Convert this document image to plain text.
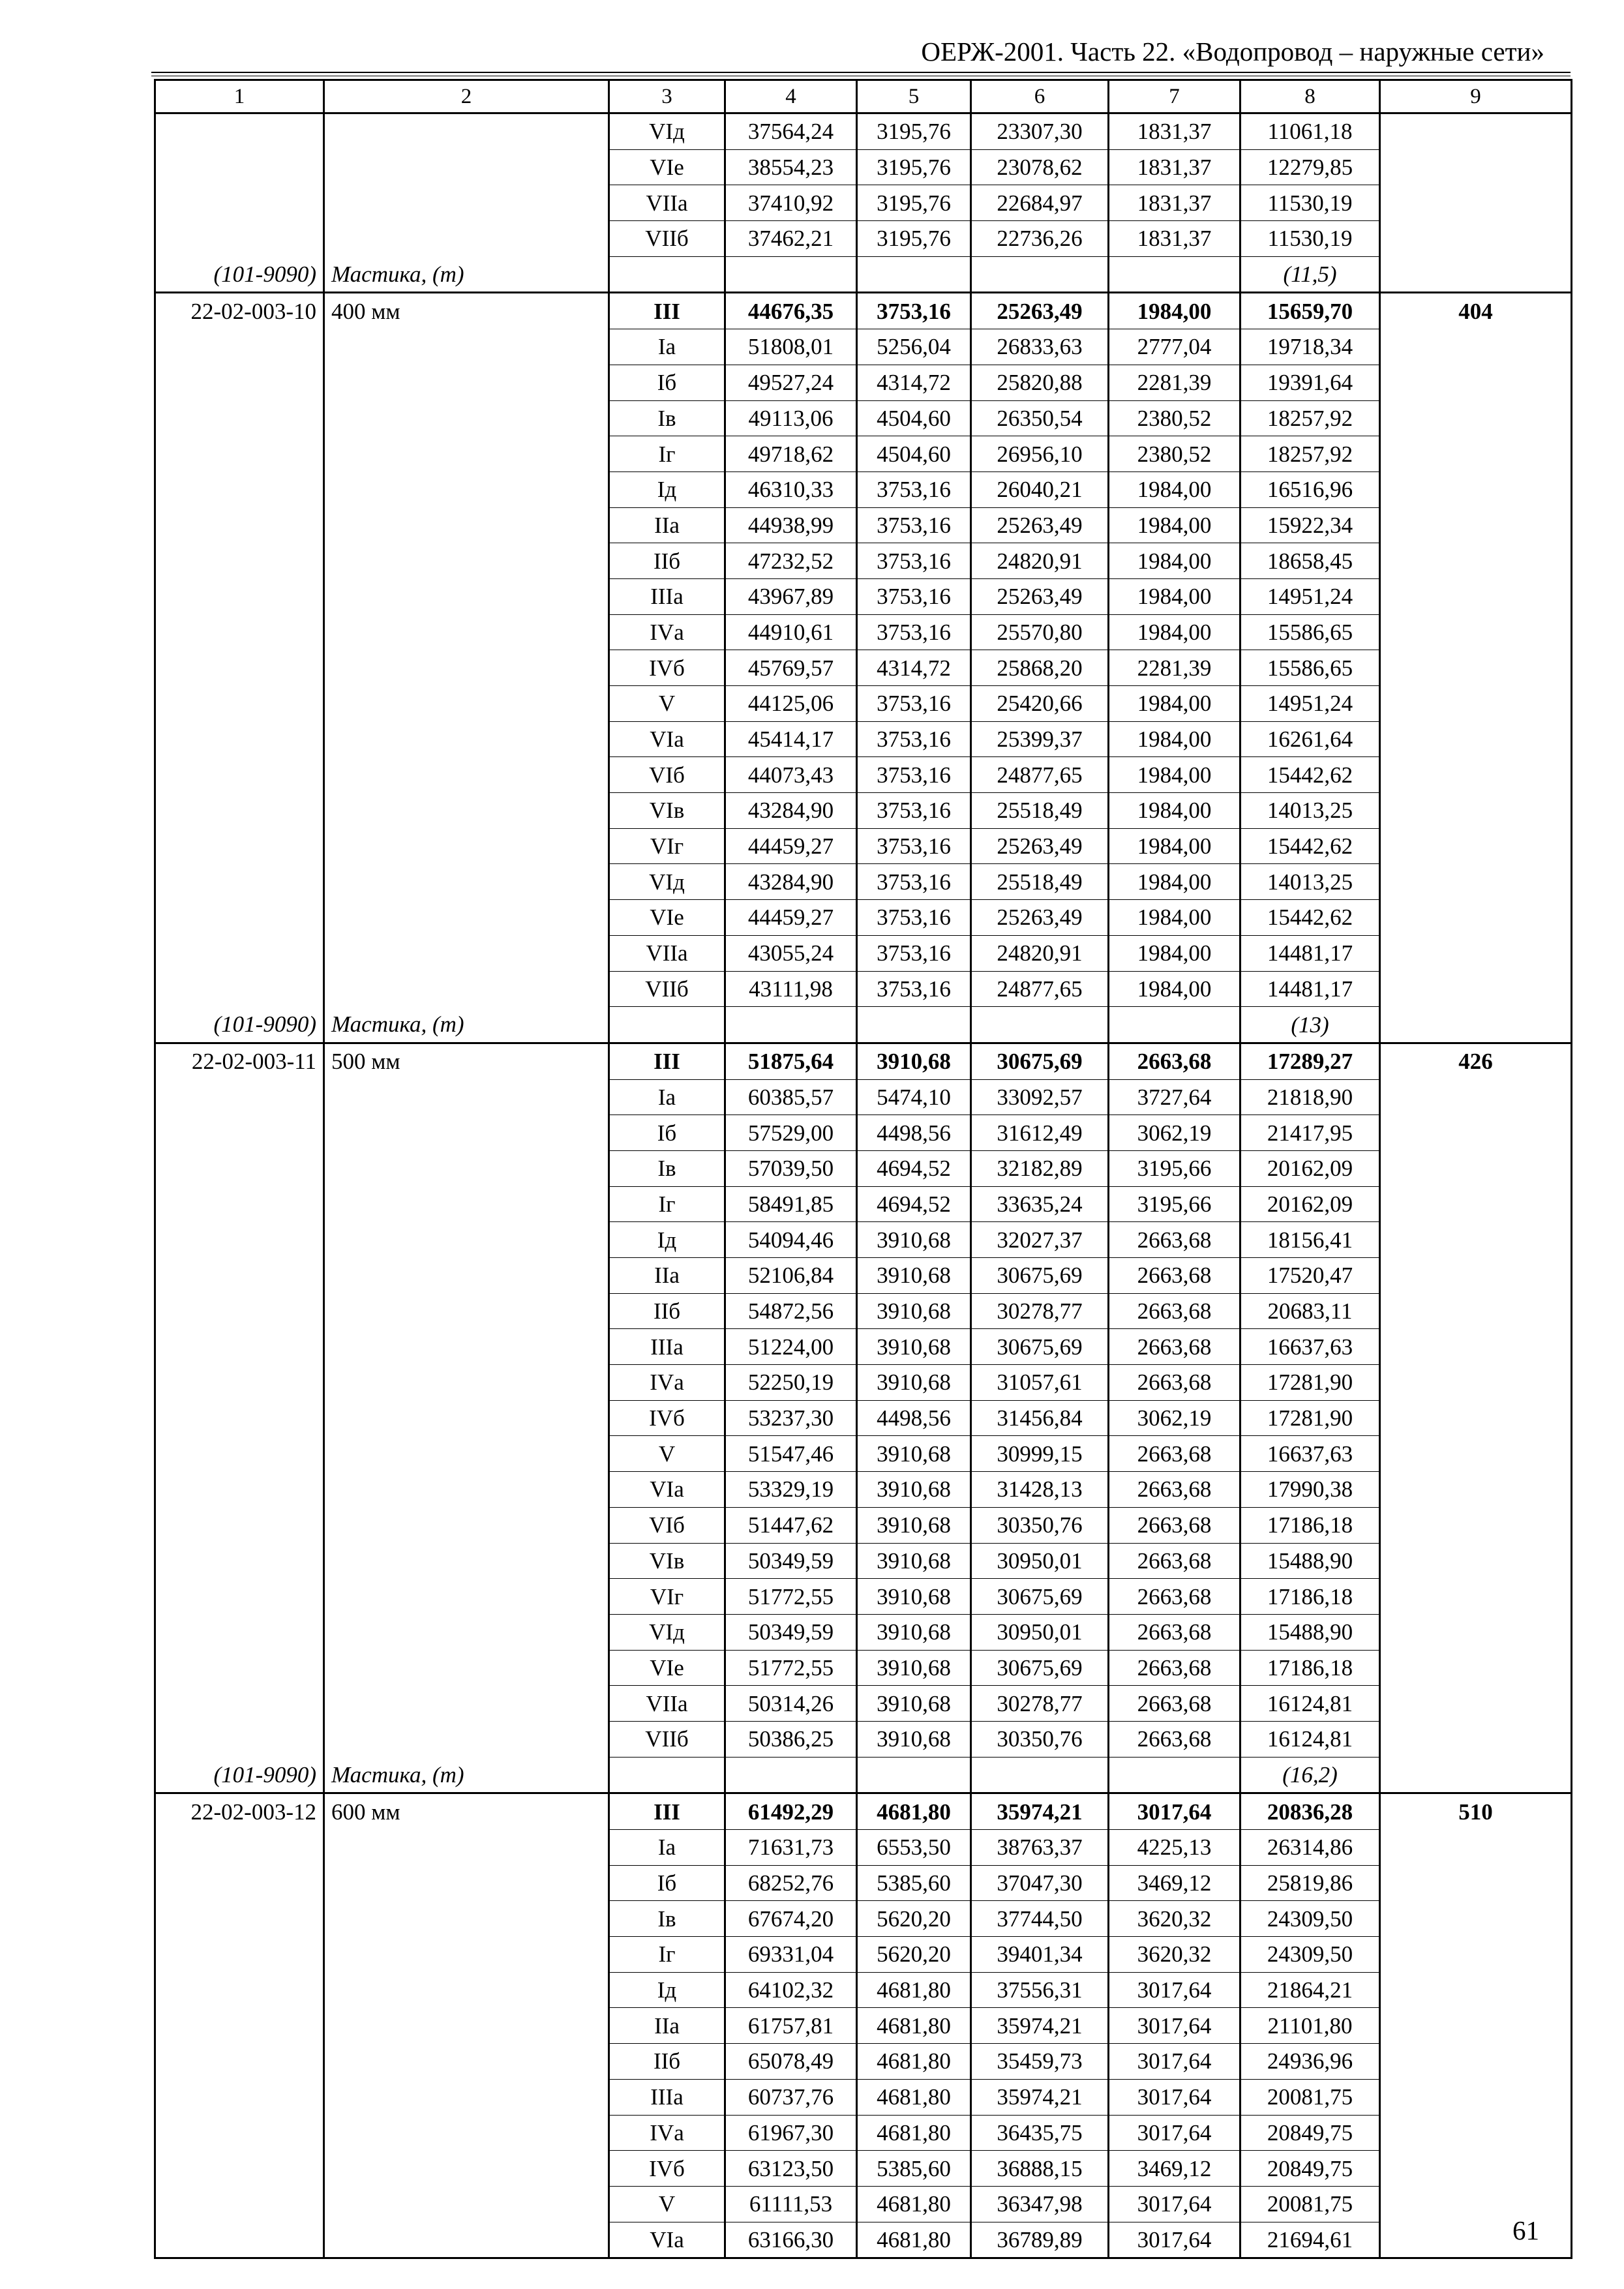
ОЕРЖ-2001. Часть 22. «Водопровод – наружные сети»
1	2	3	4	5	6	7	8	9
		VIд	37564,24	3195,76	23307,30	1831,37	11061,18	
		VIе	38554,23	3195,76	23078,62	1831,37	12279,85	
		VIIа	37410,92	3195,76	22684,97	1831,37	11530,19	
		VIIб	37462,21	3195,76	22736,26	1831,37	11530,19	
(101-9090)	Мастика, (т)						(11,5)	
22-02-003-10	400 мм	III	44676,35	3753,16	25263,49	1984,00	15659,70	404
		Iа	51808,01	5256,04	26833,63	2777,04	19718,34	
		Iб	49527,24	4314,72	25820,88	2281,39	19391,64	
		Iв	49113,06	4504,60	26350,54	2380,52	18257,92	
		Iг	49718,62	4504,60	26956,10	2380,52	18257,92	
		Iд	46310,33	3753,16	26040,21	1984,00	16516,96	
		IIа	44938,99	3753,16	25263,49	1984,00	15922,34	
		IIб	47232,52	3753,16	24820,91	1984,00	18658,45	
		IIIа	43967,89	3753,16	25263,49	1984,00	14951,24	
		IVа	44910,61	3753,16	25570,80	1984,00	15586,65	
		IVб	45769,57	4314,72	25868,20	2281,39	15586,65	
		V	44125,06	3753,16	25420,66	1984,00	14951,24	
		VIа	45414,17	3753,16	25399,37	1984,00	16261,64	
		VIб	44073,43	3753,16	24877,65	1984,00	15442,62	
		VIв	43284,90	3753,16	25518,49	1984,00	14013,25	
		VIг	44459,27	3753,16	25263,49	1984,00	15442,62	
		VIд	43284,90	3753,16	25518,49	1984,00	14013,25	
		VIе	44459,27	3753,16	25263,49	1984,00	15442,62	
		VIIа	43055,24	3753,16	24820,91	1984,00	14481,17	
		VIIб	43111,98	3753,16	24877,65	1984,00	14481,17	
(101-9090)	Мастика, (т)						(13)	
22-02-003-11	500 мм	III	51875,64	3910,68	30675,69	2663,68	17289,27	426
		Iа	60385,57	5474,10	33092,57	3727,64	21818,90	
		Iб	57529,00	4498,56	31612,49	3062,19	21417,95	
		Iв	57039,50	4694,52	32182,89	3195,66	20162,09	
		Iг	58491,85	4694,52	33635,24	3195,66	20162,09	
		Iд	54094,46	3910,68	32027,37	2663,68	18156,41	
		IIа	52106,84	3910,68	30675,69	2663,68	17520,47	
		IIб	54872,56	3910,68	30278,77	2663,68	20683,11	
		IIIа	51224,00	3910,68	30675,69	2663,68	16637,63	
		IVа	52250,19	3910,68	31057,61	2663,68	17281,90	
		IVб	53237,30	4498,56	31456,84	3062,19	17281,90	
		V	51547,46	3910,68	30999,15	2663,68	16637,63	
		VIа	53329,19	3910,68	31428,13	2663,68	17990,38	
		VIб	51447,62	3910,68	30350,76	2663,68	17186,18	
		VIв	50349,59	3910,68	30950,01	2663,68	15488,90	
		VIг	51772,55	3910,68	30675,69	2663,68	17186,18	
		VIд	50349,59	3910,68	30950,01	2663,68	15488,90	
		VIе	51772,55	3910,68	30675,69	2663,68	17186,18	
		VIIа	50314,26	3910,68	30278,77	2663,68	16124,81	
		VIIб	50386,25	3910,68	30350,76	2663,68	16124,81	
(101-9090)	Мастика, (т)						(16,2)	
22-02-003-12	600 мм	III	61492,29	4681,80	35974,21	3017,64	20836,28	510
		Iа	71631,73	6553,50	38763,37	4225,13	26314,86	
		Iб	68252,76	5385,60	37047,30	3469,12	25819,86	
		Iв	67674,20	5620,20	37744,50	3620,32	24309,50	
		Iг	69331,04	5620,20	39401,34	3620,32	24309,50	
		Iд	64102,32	4681,80	37556,31	3017,64	21864,21	
		IIа	61757,81	4681,80	35974,21	3017,64	21101,80	
		IIб	65078,49	4681,80	35459,73	3017,64	24936,96	
		IIIа	60737,76	4681,80	35974,21	3017,64	20081,75	
		IVа	61967,30	4681,80	36435,75	3017,64	20849,75	
		IVб	63123,50	5385,60	36888,15	3469,12	20849,75	
		V	61111,53	4681,80	36347,98	3017,64	20081,75	
		VIа	63166,30	4681,80	36789,89	3017,64	21694,61		61
